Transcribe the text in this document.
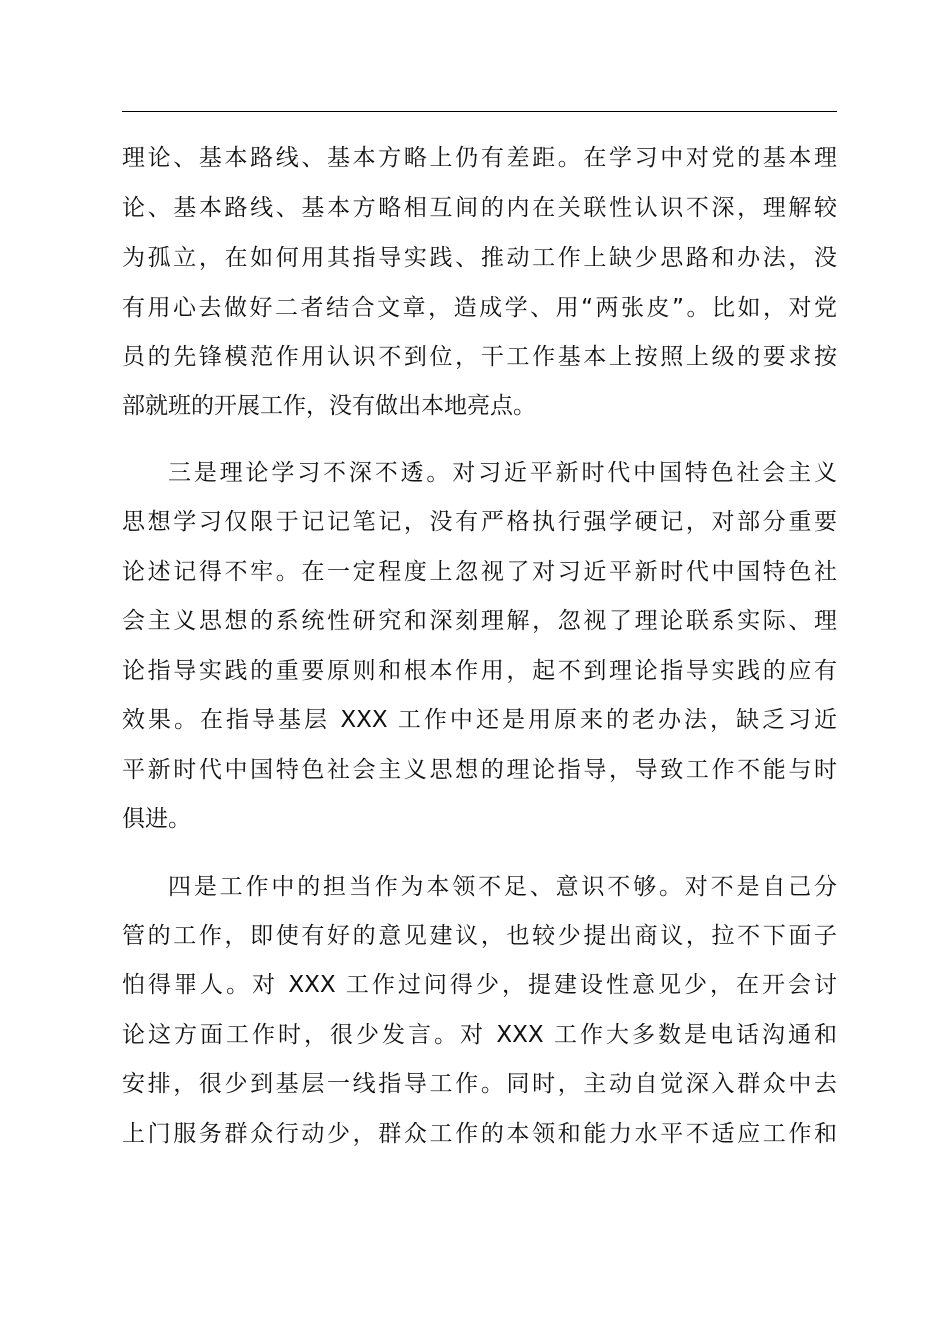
理论、基本路线、基本方略上仍有差距。在学习中对党的基本理
论、基本路线、基本方略相互间的内在关联性认识不深，理解较
为孤立，在如何用其指导实践、推动工作上缺少思路和办法，没
有用心去做好二者结合文章，造成学、用“两张皮”。比如，对党
员的先锋模范作用认识不到位，干工作基本上按照上级的要求按
部就班的开展工作，没有做出本地亮点。
三是理论学习不深不透。对习近平新时代中国特色社会主义
思想学习仅限于记记笔记，没有严格执行强学硬记，对部分重要
论述记得不牢。在一定程度上忽视了对习近平新时代中国特色社
会主义思想的系统性研究和深刻理解，忽视了理论联系实际、理
论指导实践的重要原则和根本作用，起不到理论指导实践的应有
效果。在指导基层 XXX 工作中还是用原来的老办法，缺乏习近
平新时代中国特色社会主义思想的理论指导，导致工作不能与时
俱进。
四是工作中的担当作为本领不足、意识不够。对不是自己分
管的工作，即使有好的意见建议，也较少提出商议，拉不下面子
怕得罪人。对 XXX 工作过问得少，提建设性意见少，在开会讨
论这方面工作时，很少发言。对 XXX 工作大多数是电话沟通和
安排，很少到基层一线指导工作。同时，主动自觉深入群众中去
上门服务群众行动少，群众工作的本领和能力水平不适应工作和
